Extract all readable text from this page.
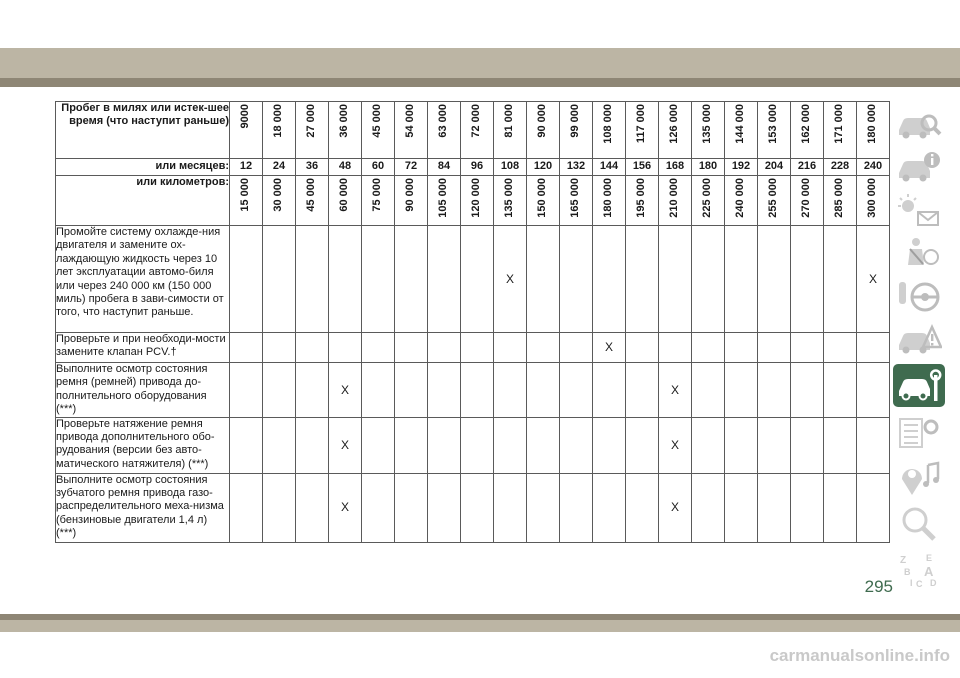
Пробег в милях или истек-шее время (что наступит раньше)	9000	18 000	27 000	36 000	45 000	54 000	63 000	72 000	81 000	90 000	99 000	108 000	117 000	126 000	135 000	144 000	153 000	162 000	171 000	180 000
или месяцев:	12	24	36	48	60	72	84	96	108	120	132	144	156	168	180	192	204	216	228	240
или километров:	15 000	30 000	45 000	60 000	75 000	90 000	105 000	120 000	135 000	150 000	165 000	180 000	195 000	210 000	225 000	240 000	255 000	270 000	285 000	300 000
Промойте систему охлажде-ния двигателя и замените ох-лаждающую жидкость через 10 лет эксплуатации автомо-биля или через 240 000 км (150 000 миль) пробега в зави-симости от того, что наступит раньше.									X											X
Проверьте и при необходи-мости замените клапан PCV.†												X								
Выполните осмотр состояния ремня (ремней) привода до-полнительного оборудования (***)				X										X						
Проверьте натяжение ремня привода дополнительного обо-рудования (версии без авто-матического натяжителя) (***)				X										X						
Выполните осмотр состояния зубчатого ремня привода газо-распределительного меха-низма (бензиновые двигатели 1,4 л) (***)				X										X						
Z E
B A
I C D
295
carmanualsonline.info
